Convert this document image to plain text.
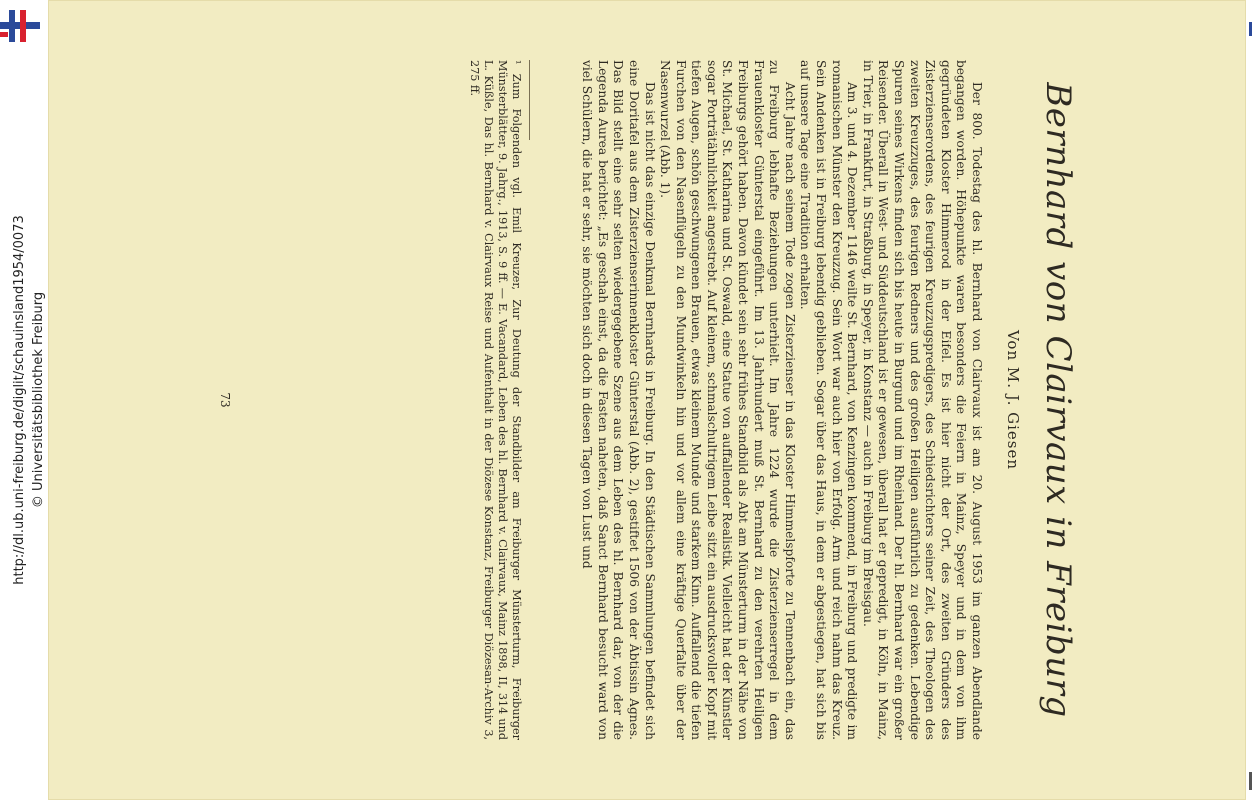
http://dl.ub.uni-freiburg.de/diglit/schauinsland1954/0073 © Universitätsbibliothek Freiburg	Bernhard von Clairvaux in Freiburg
Von M. J. Giesen

Der 800. Todestag des hl. Bernhard von Clairvaux ist am 20. August 1953 im ganzen Abendlande begangen worden. Höhepunkte waren besonders die Feiern in Mainz, Speyer und in dem von ihm gegründeten Kloster Himmerod in der Eifel. Es ist hier nicht der Ort, des zweiten Gründers des Zisterzienserordens, des feurigen Kreuzzugspredigers, des Schiedsrichters seiner Zeit, des Theologen des zweiten Kreuzzuges, des feurigen Redners und des großen Heiligen ausführlich zu gedenken. Lebendige Spuren seines Wirkens finden sich bis heute in Burgund und im Rheinland. Der hl. Bernhard war ein großer Reisender. Überall in West- und Süddeutschland ist er gewesen, überall hat er gepredigt, in Köln, in Mainz, in Trier, in Frankfurt, in Straßburg, in Speyer, in Konstanz — auch in Freiburg im Breisgau.

Am 3. und 4. Dezember 1146 weilte St. Bernhard, von Kenzingen kommend, in Freiburg und predigte im romanischen Münster den Kreuzzug. Sein Wort war auch hier von Erfolg. Arm und reich nahm das Kreuz. Sein Andenken ist in Freiburg lebendig geblieben. Sogar über das Haus, in dem er abgestiegen, hat sich bis auf unsere Tage eine Tradition erhalten.

Acht Jahre nach seinem Tode zogen Zisterzienser in das Kloster Himmelspforte zu Tennenbach ein, das zu Freiburg lebhafte Beziehungen unterhielt. Im Jahre 1224 wurde die Zisterzienserregel in dem Frauenkloster Günterstal eingeführt. Im 13. Jahrhundert muß St. Bernhard zu den verehrten Heiligen Freiburgs gehört haben. Davon kündet sein sehr frühes Standbild als Abt am Münsterturm in der Nähe von St. Michael, St. Katharina und St. Oswald, eine Statue von auffallender Realistik. Vielleicht hat der Künstler sogar Porträtähnlichkeit angestrebt. Auf kleinem, schmalschultrigem Leibe sitzt ein ausdrucksvoller Kopf mit tiefen Augen, schön geschwungenen Brauen, etwas kleinem Munde und starkem Kinn. Auffallend die tiefen Furchen von den Nasenflügeln zu den Mundwinkeln hin und vor allem eine kräftige Querfalte über der Nasenwurzel (Abb. 1).

Das ist nicht das einzige Denkmal Bernhards in Freiburg. In den Städtischen Sammlungen befindet sich eine Doritafel aus dem Zisterzienserinnenkloster Günterstal (Abb. 2), gestiftet 1506 von der Äbtissin Agnes. Das Bild stellt eine sehr selten wiedergegebene Szene aus dem Leben des hl. Bernhard dar, von der die Legenda Aurea berichtet: „Es geschah einst, da die Fasten naheten, daß Sanct Bernhard besucht ward von viel Schülern, die hat er sehr, sie möchten sich doch in diesen Tagen von Lust und

¹ Zum Folgenden vgl. Emil Kreuzer, Zur Deutung der Standbilder am Freiburger Münsterturm, Freiburger Münsterblätter, 9. Jahrg., 1913, S. 9 ff. — E. Vacandard, Leben des hl. Bernhard v. Clairvaux, Mainz 1898, II, 314 und L. Küßle, Das hl. Bernhard v. Clairvaux Reise und Aufenthalt in der Diözese Konstanz, Freiburger Diözesan-Archiv 3, 275 ff.
73
